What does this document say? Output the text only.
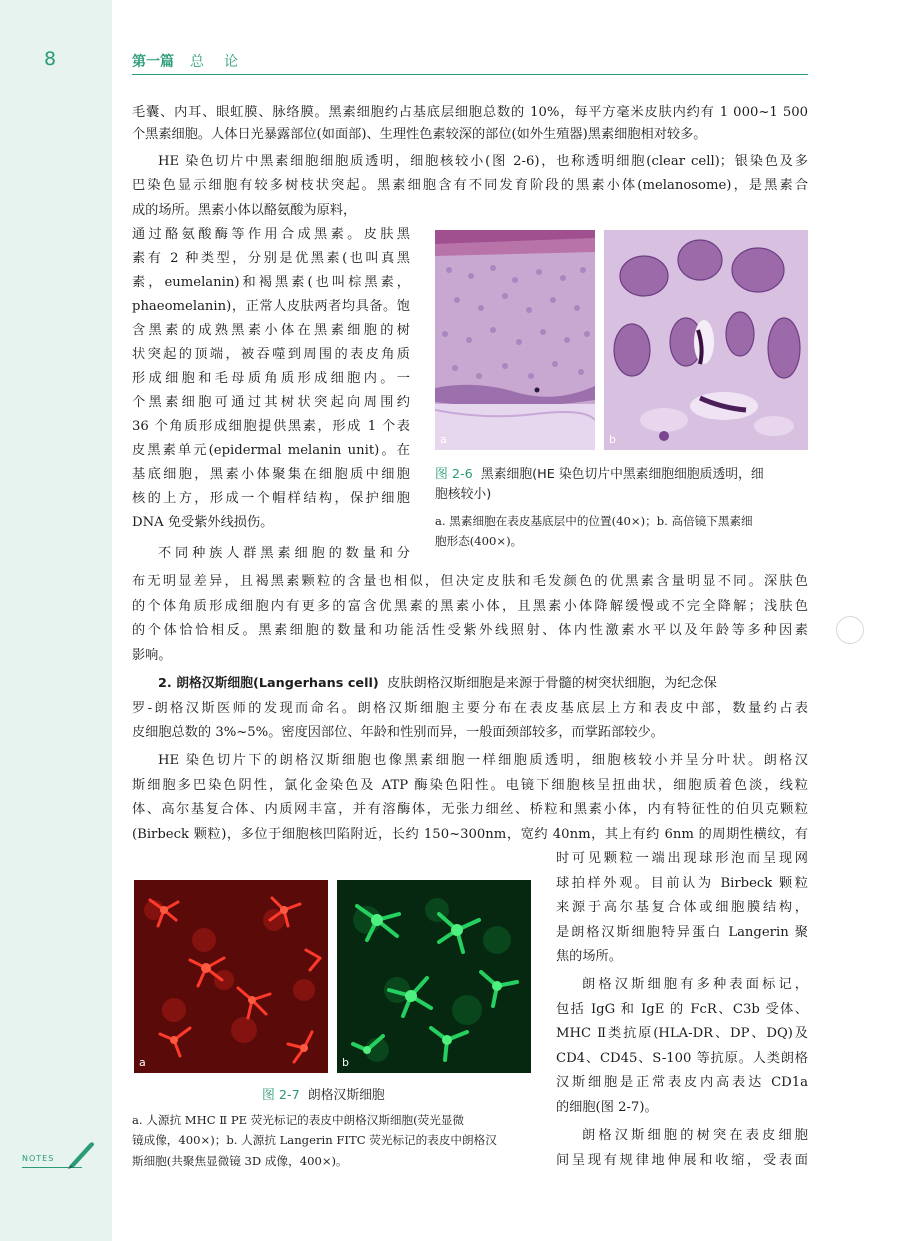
8	第一篇 总论
毛囊、内耳、眼虹膜、脉络膜。黑素细胞约占基底层细胞总数的 10%，每平方毫米皮肤内约有 1 000~1 500
个黑素细胞。人体日光暴露部位(如面部)、生理性色素较深的部位(如外生殖器)黑素细胞相对较多。
HE 染色切片中黑素细胞细胞质透明，细胞核较小(图 2-6)，也称透明细胞(clear cell)；银染色及多
巴染色显示细胞有较多树枝状突起。黑素细胞含有不同发育阶段的黑素小体(melanosome)，是黑素合
成的场所。黑素小体以酪氨酸为原料，
通过酪氨酸酶等作用合成黑素。皮肤黑
素有 2 种类型，分别是优黑素(也叫真黑
素，eumelanin)和褐黑素(也叫棕黑素，
phaeomelanin)，正常人皮肤两者均具备。饱
含黑素的成熟黑素小体在黑素细胞的树
状突起的顶端，被吞噬到周围的表皮角质
形成细胞和毛母质角质形成细胞内。一
个黑素细胞可通过其树状突起向周围约
36 个角质形成细胞提供黑素，形成 1 个表
皮黑素单元(epidermal melanin unit)。在
基底细胞，黑素小体聚集在细胞质中细胞
核的上方，形成一个帽样结构，保护细胞
DNA 免受紫外线损伤。
不同种族人群黑素细胞的数量和分
a	b
图 2-6 黑素细胞(HE 染色切片中黑素细胞细胞质透明，细
胞核较小)
a. 黑素细胞在表皮基底层中的位置(40×)；b. 高倍镜下黑素细
胞形态(400×)。
布无明显差异，且褐黑素颗粒的含量也相似，但决定皮肤和毛发颜色的优黑素含量明显不同。深肤色
的个体角质形成细胞内有更多的富含优黑素的黑素小体，且黑素小体降解缓慢或不完全降解；浅肤色
的个体恰恰相反。黑素细胞的数量和功能活性受紫外线照射、体内性激素水平以及年龄等多种因素
影响。
2. 朗格汉斯细胞(Langerhans cell) 皮肤朗格汉斯细胞是来源于骨髓的树突状细胞，为纪念保
罗-朗格汉斯医师的发现而命名。朗格汉斯细胞主要分布在表皮基底层上方和表皮中部，数量约占表
皮细胞总数的 3%~5%。密度因部位、年龄和性别而异，一般面颈部较多，而掌跖部较少。
HE 染色切片下的朗格汉斯细胞也像黑素细胞一样细胞质透明，细胞核较小并呈分叶状。朗格汉
斯细胞多巴染色阴性，氯化金染色及 ATP 酶染色阳性。电镜下细胞核呈扭曲状，细胞质着色淡，线粒
体、高尔基复合体、内质网丰富，并有溶酶体，无张力细丝、桥粒和黑素小体，内有特征性的伯贝克颗粒
(Birbeck 颗粒)，多位于细胞核凹陷附近，长约 150~300nm，宽约 40nm，其上有约 6nm 的周期性横纹，有
时可见颗粒一端出现球形泡而呈现网
球拍样外观。目前认为 Birbeck 颗粒
来源于高尔基复合体或细胞膜结构，
是朗格汉斯细胞特异蛋白 Langerin 聚
焦的场所。
朗格汉斯细胞有多种表面标记，
包括 IgG 和 IgE 的 FcR、C3b 受体、
MHC Ⅱ类抗原(HLA-DR、DP、DQ)及
CD4、CD45、S-100 等抗原。人类朗格
汉斯细胞是正常表皮内高表达 CD1a
的细胞(图 2-7)。
朗格汉斯细胞的树突在表皮细胞
间呈现有规律地伸展和收缩，受表面
a	b
图 2-7 朗格汉斯细胞
a. 人源抗 MHC Ⅱ PE 荧光标记的表皮中朗格汉斯细胞(荧光显微
镜成像，400×)；b. 人源抗 Langerin FITC 荧光标记的表皮中朗格汉
斯细胞(共聚焦显微镜 3D 成像，400×)。
NOTES
